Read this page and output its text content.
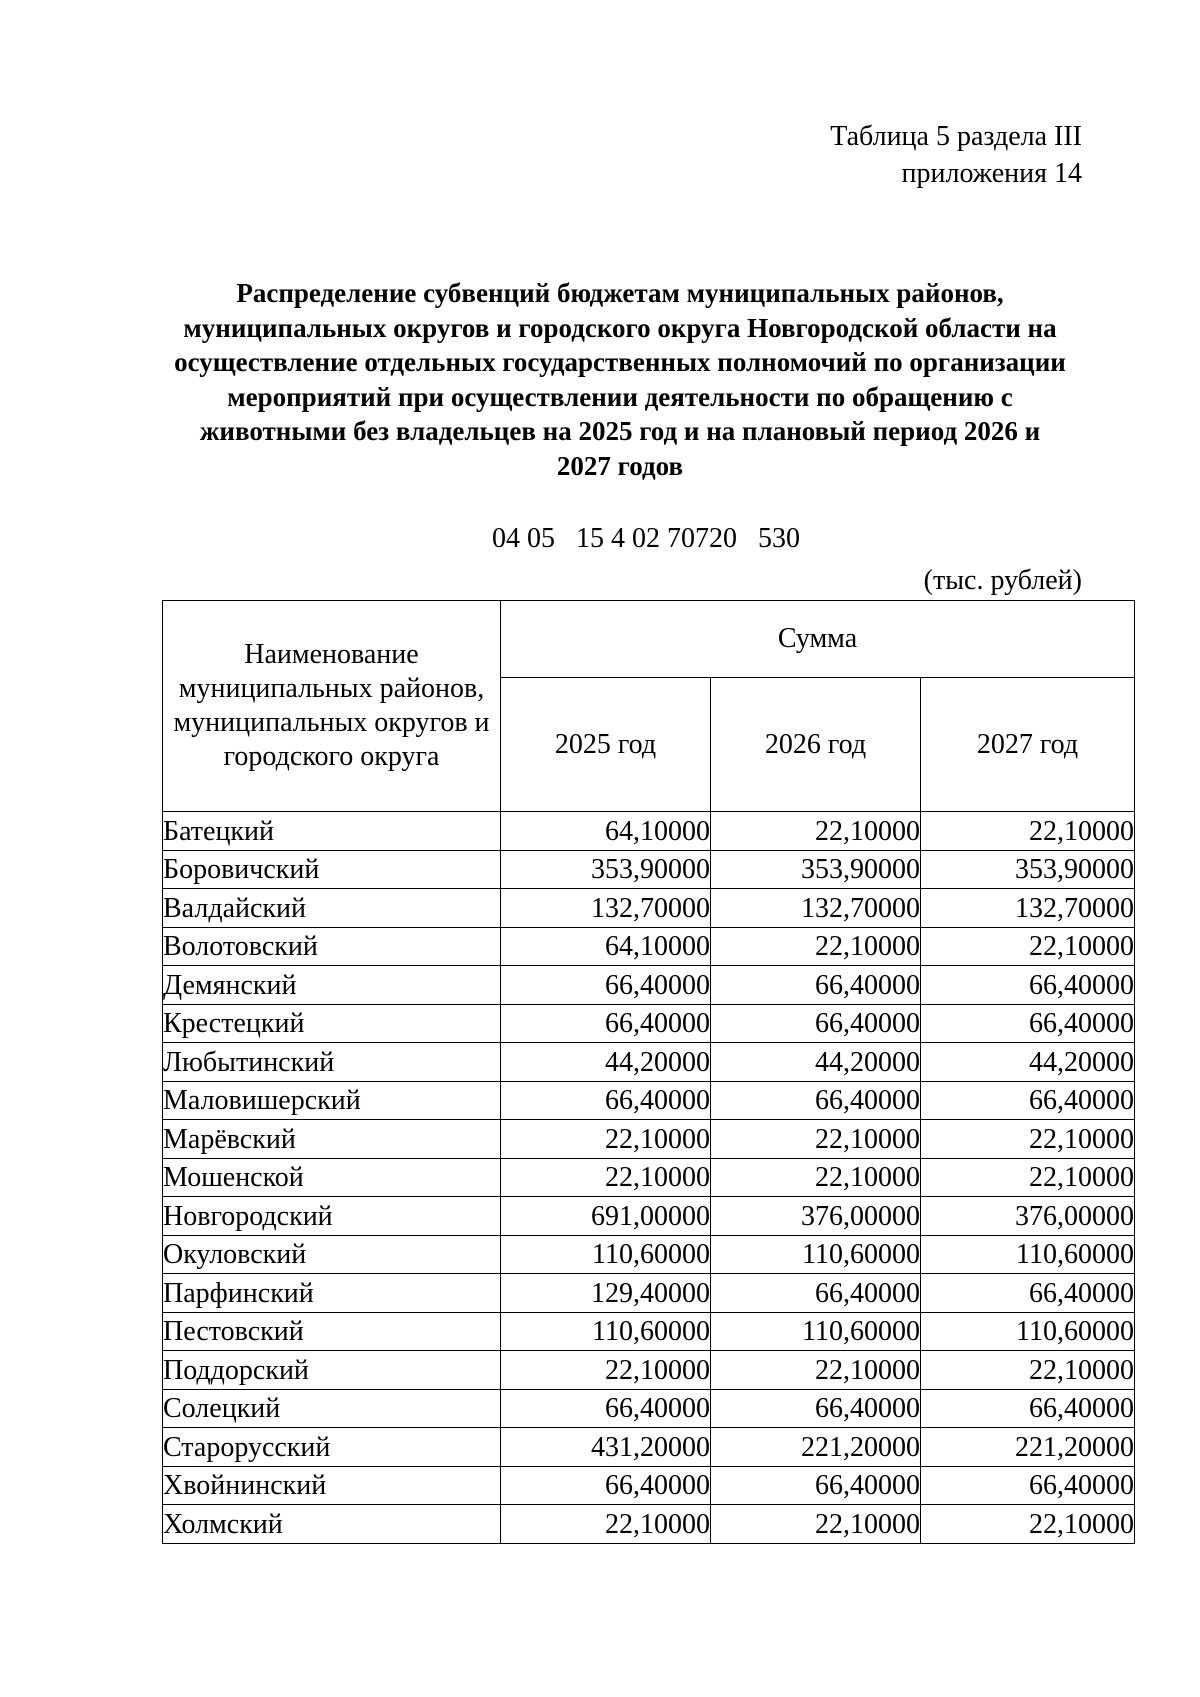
Таблица 5 раздела III
приложения 14
Распределение субвенций бюджетам муниципальных районов,
муниципальных округов и городского округа Новгородской области на
осуществление отдельных государственных полномочий по организации
мероприятий при осуществлении деятельности по обращению с
животными без владельцев на 2025 год и на плановый период 2026 и
2027 годов
04 05   15 4 02 70720   530
(тыс. рублей)
Наименование муниципальных районов, муниципальных округов и городского округа	Сумма		
	2025 год	2026 год	2027 год
Батецкий	64,10000	22,10000	22,10000
Боровичский	353,90000	353,90000	353,90000
Валдайский	132,70000	132,70000	132,70000
Волотовский	64,10000	22,10000	22,10000
Демянский	66,40000	66,40000	66,40000
Крестецкий	66,40000	66,40000	66,40000
Любытинский	44,20000	44,20000	44,20000
Маловишерский	66,40000	66,40000	66,40000
Марёвский	22,10000	22,10000	22,10000
Мошенской	22,10000	22,10000	22,10000
Новгородский	691,00000	376,00000	376,00000
Окуловский	110,60000	110,60000	110,60000
Парфинский	129,40000	66,40000	66,40000
Пестовский	110,60000	110,60000	110,60000
Поддорский	22,10000	22,10000	22,10000
Солецкий	66,40000	66,40000	66,40000
Старорусский	431,20000	221,20000	221,20000
Хвойнинский	66,40000	66,40000	66,40000
Холмский	22,10000	22,10000	22,10000
